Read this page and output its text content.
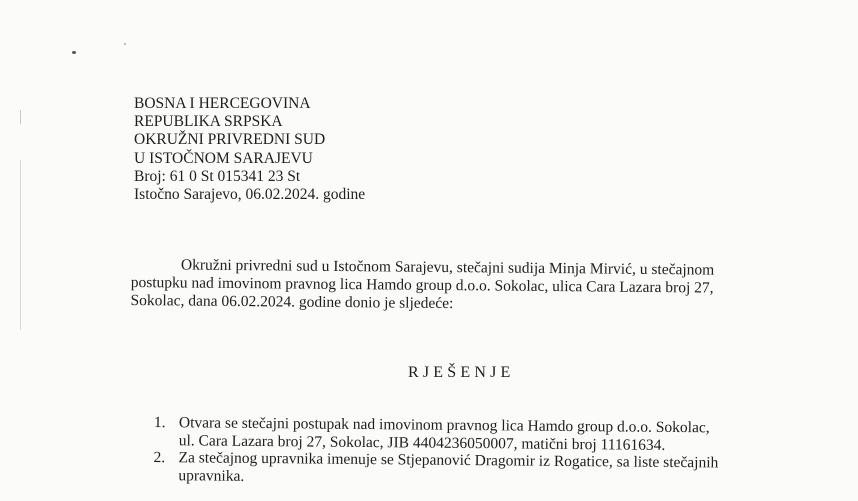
BOSNA I HERCEGOVINA
REPUBLIKA SRPSKA
OKRUŽNI PRIVREDNI SUD
U ISTOČNOM SARAJEVU
Broj: 61 0 St 015341 23 St
Istočno Sarajevo, 06.02.2024. godine
Okružni privredni sud u Istočnom Sarajevu, stečajni sudija Minja Mirvić, u stečajnom
postupku nad imovinom pravnog lica Hamdo group d.o.o. Sokolac, ulica Cara Lazara broj 27,
Sokolac, dana 06.02.2024. godine donio je sljedeće:
RJEŠENJE
1. Otvara se stečajni postupak nad imovinom pravnog lica Hamdo group d.o.o. Sokolac,
ul. Cara Lazara broj 27, Sokolac, JIB 4404236050007, matični broj 11161634.
2. Za stečajnog upravnika imenuje se Stjepanović Dragomir iz Rogatice, sa liste stečajnih
upravnika.
